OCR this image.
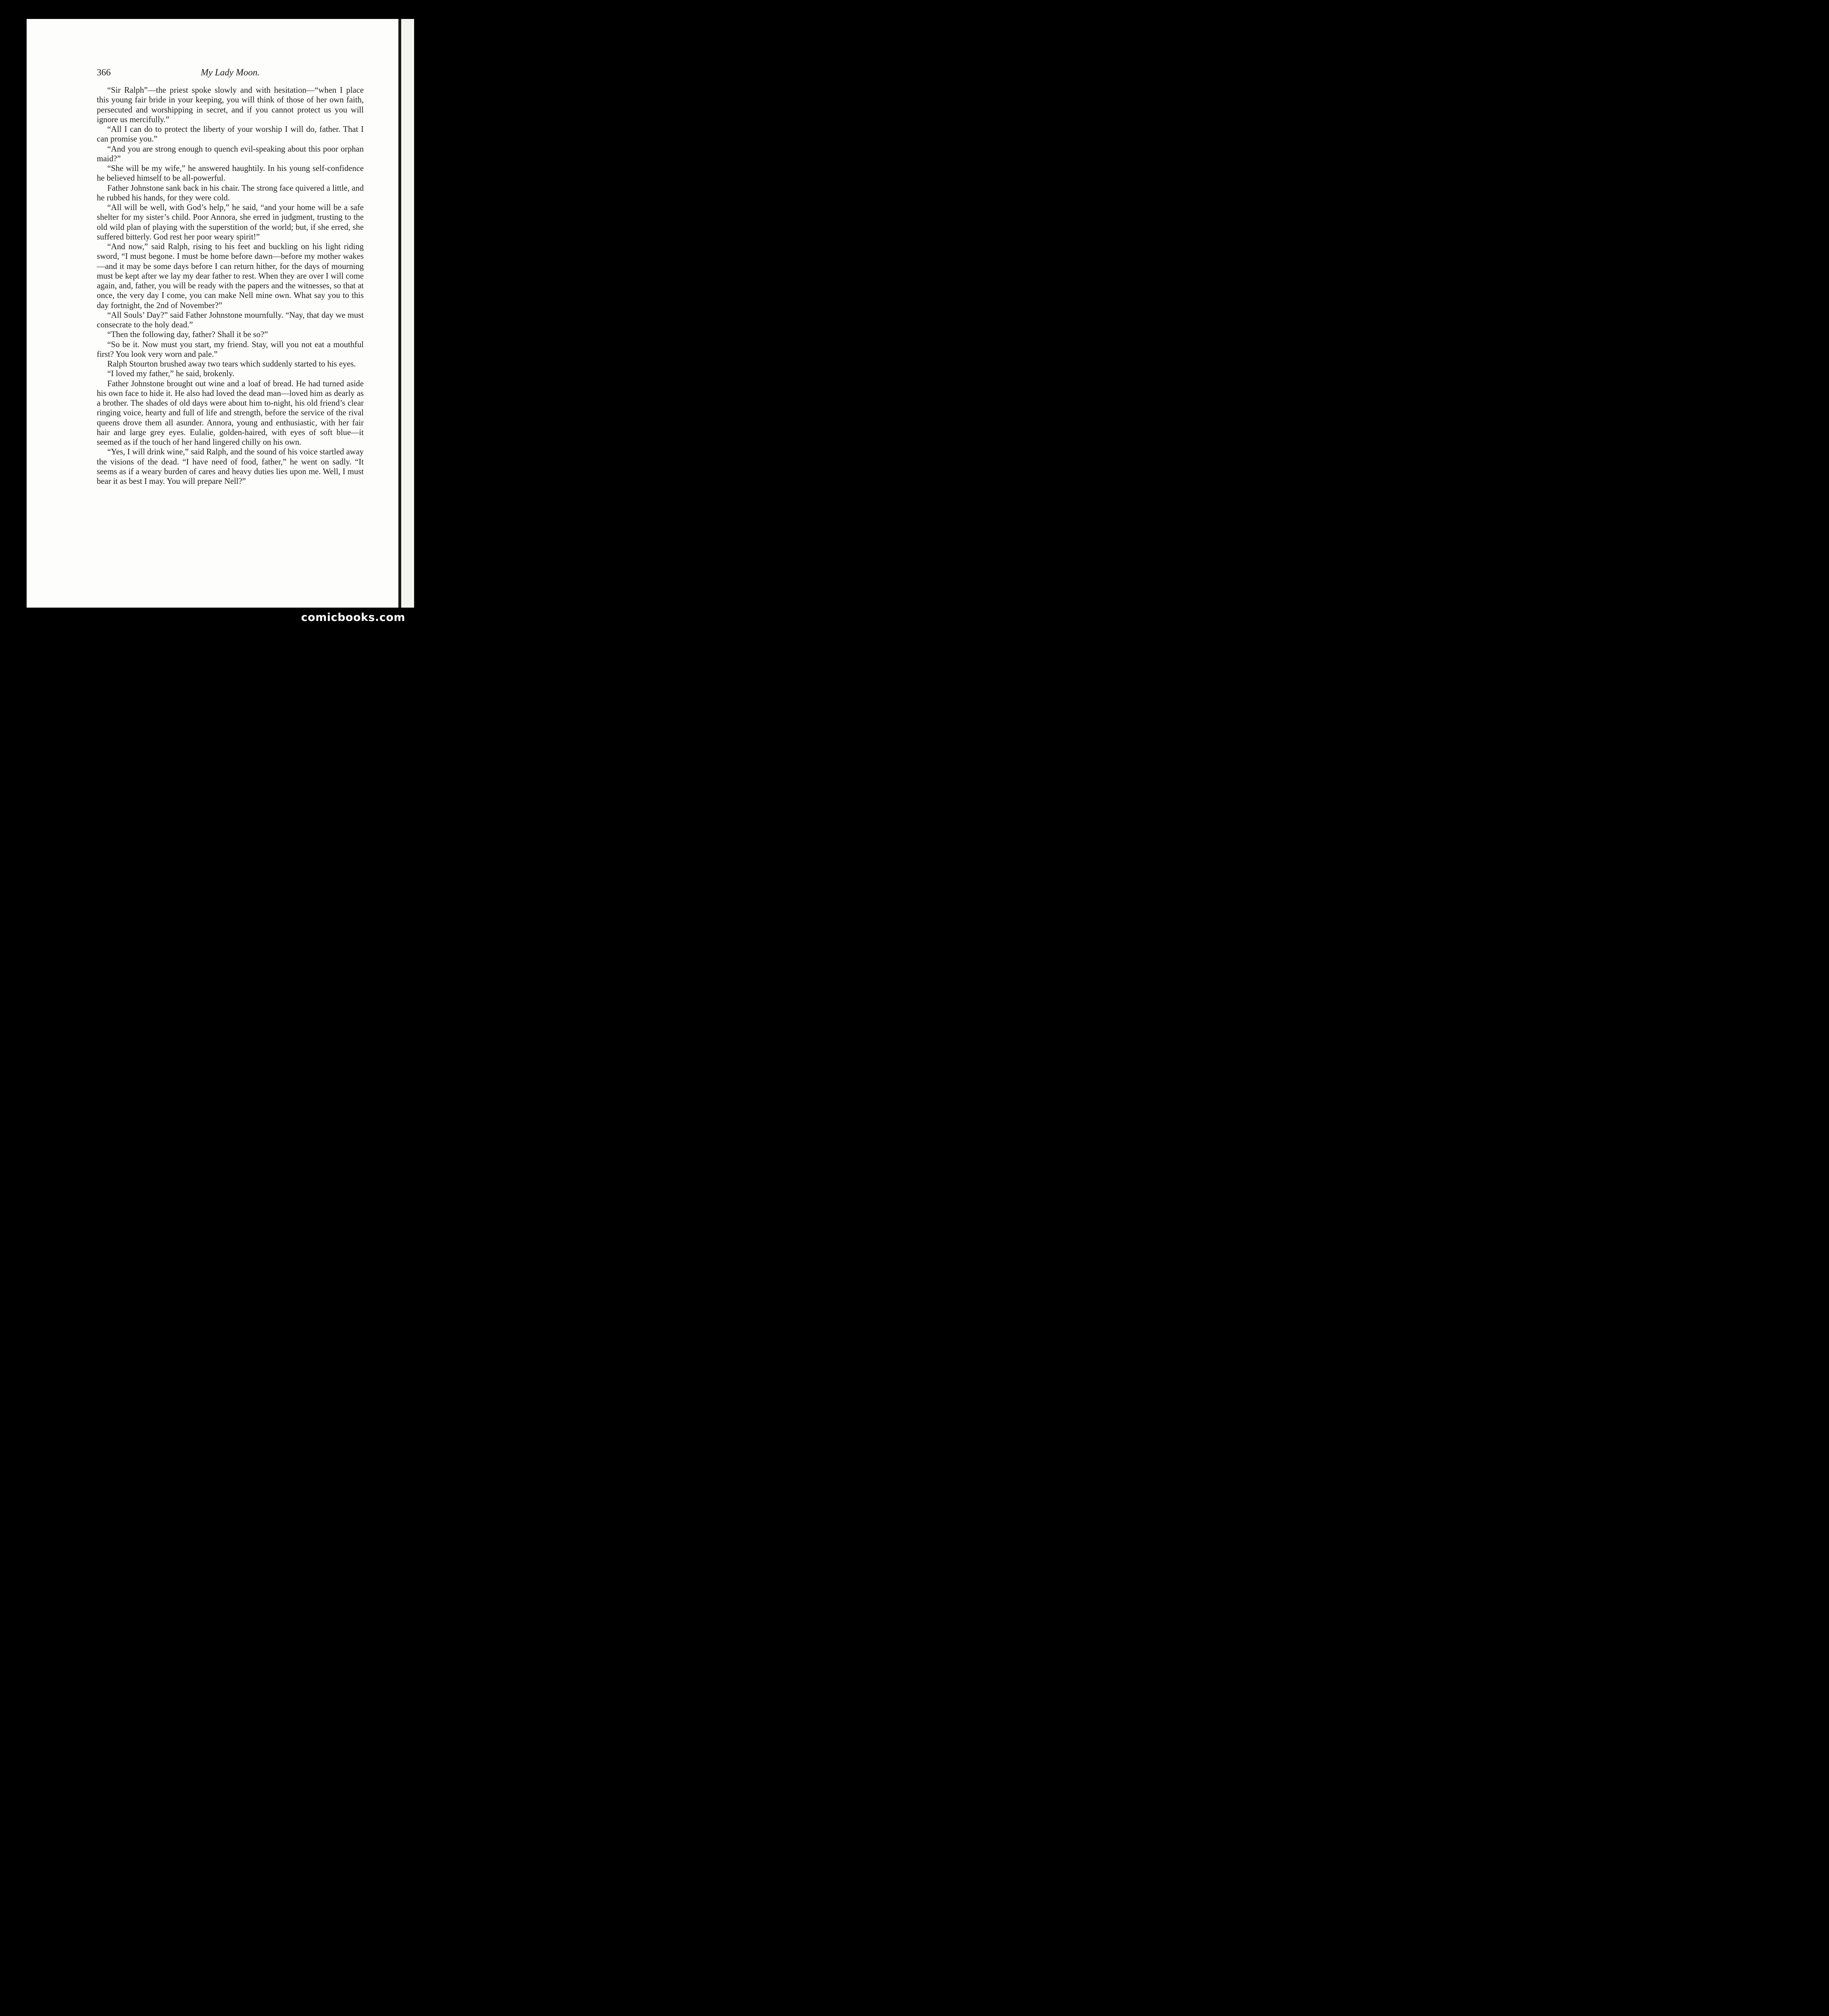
366	My Lady Moon.

“Sir Ralph”—the priest spoke slowly and with hesitation—“when I place this young fair bride in your keeping, you will think of those of her own faith, persecuted and worshipping in secret, and if you cannot protect us you will ignore us mercifully.”

“All I can do to protect the liberty of your worship I will do, father. That I can promise you.”

“And you are strong enough to quench evil-speaking about this poor orphan maid?”

“She will be my wife,” he answered haughtily. In his young self-confidence he believed himself to be all-powerful.

Father Johnstone sank back in his chair. The strong face quivered a little, and he rubbed his hands, for they were cold.

“All will be well, with God’s help,” he said, “and your home will be a safe shelter for my sister’s child. Poor Annora, she erred in judgment, trusting to the old wild plan of playing with the superstition of the world; but, if she erred, she suffered bitterly. God rest her poor weary spirit!”

“And now,” said Ralph, rising to his feet and buckling on his light riding sword, “I must begone. I must be home before dawn—before my mother wakes—and it may be some days before I can return hither, for the days of mourning must be kept after we lay my dear father to rest. When they are over I will come again, and, father, you will be ready with the papers and the witnesses, so that at once, the very day I come, you can make Nell mine own. What say you to this day fortnight, the 2nd of November?”

“All Souls’ Day?” said Father Johnstone mournfully. “Nay, that day we must consecrate to the holy dead.”

“Then the following day, father? Shall it be so?”

“So be it. Now must you start, my friend. Stay, will you not eat a mouthful first? You look very worn and pale.”

Ralph Stourton brushed away two tears which suddenly started to his eyes.

“I loved my father,” he said, brokenly.

Father Johnstone brought out wine and a loaf of bread. He had turned aside his own face to hide it. He also had loved the dead man—loved him as dearly as a brother. The shades of old days were about him to-night, his old friend’s clear ringing voice, hearty and full of life and strength, before the service of the rival queens drove them all asunder. Annora, young and enthusiastic, with her fair hair and large grey eyes. Eulalie, golden-haired, with eyes of soft blue—it seemed as if the touch of her hand lingered chilly on his own.

“Yes, I will drink wine,” said Ralph, and the sound of his voice startled away the visions of the dead. “I have need of food, father,” he went on sadly. “It seems as if a weary burden of cares and heavy duties lies upon me. Well, I must bear it as best I may. You will prepare Nell?”

comicbooks.com
